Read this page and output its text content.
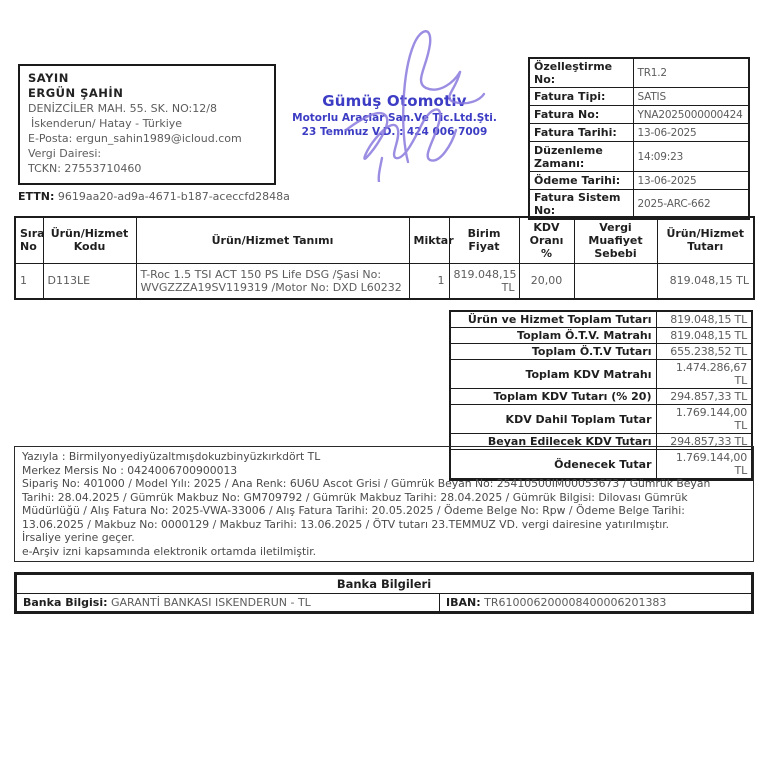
SAYIN
ERGÜN ŞAHİN
DENİZCİLER MAH. 55. SK. NO:12/8
İskenderun/ Hatay - Türkiye
E-Posta: ergun_sahin1989@icloud.com
Vergi Dairesi:
TCKN: 27553710460
ETTN: 9619aa20-ad9a-4671-b187-aceccfd2848a
Gümüş Otomotiv
Motorlu Araçlar San.Ve Tic.Ltd.Şti.
23 Temmuz V.D. : 424 006 7009
Özelleştirme No:	TR1.2
Fatura Tipi:	SATIS
Fatura No:	YNA2025000000424
Fatura Tarihi:	13-06-2025
Düzenleme Zamanı:	14:09:23
Ödeme Tarihi:	13-06-2025
Fatura Sistem No:	2025-ARC-662
Sıra No	Ürün/Hizmet Kodu	Ürün/Hizmet Tanımı	Miktar	Birim Fiyat	KDV Oranı %	Vergi Muafiyet Sebebi	Ürün/Hizmet Tutarı
1	D113LE	T-Roc 1.5 TSI ACT 150 PS Life DSG /Şasi No: WVGZZZA19SV119319 /Motor No: DXD L60232	1	819.048,15 TL	20,00		819.048,15 TL
Ürün ve Hizmet Toplam Tutarı	819.048,15 TL
Toplam Ö.T.V. Matrahı	819.048,15 TL
Toplam Ö.T.V Tutarı	655.238,52 TL
Toplam KDV Matrahı	1.474.286,67 TL
Toplam KDV Tutarı (% 20)	294.857,33 TL
KDV Dahil Toplam Tutar	1.769.144,00 TL
Beyan Edilecek KDV Tutarı	294.857,33 TL
Ödenecek Tutar	1.769.144,00 TL
Yazıyla : Birmilyonyediyüzaltmışdokuzbinyüzkırkdört TL
Merkez Mersis No : 0424006700900013
Sipariş No: 401000 / Model Yılı: 2025 / Ana Renk: 6U6U Ascot Grisi / Gümrük Beyan No: 25410500IM00053673 / Gümrük Beyan Tarihi: 28.04.2025 / Gümrük Makbuz No: GM709792 / Gümrük Makbuz Tarihi: 28.04.2025 / Gümrük Bilgisi: Dilovası Gümrük Müdürlüğü / Alış Fatura No: 2025-VWA-33006 / Alış Fatura Tarihi: 20.05.2025 / Ödeme Belge No: Rpw / Ödeme Belge Tarihi: 13.06.2025 / Makbuz No: 0000129 / Makbuz Tarihi: 13.06.2025 / ÖTV tutarı 23.TEMMUZ VD. vergi dairesine yatırılmıştır.
İrsaliye yerine geçer.
e-Arşiv izni kapsamında elektronik ortamda iletilmiştir.
Banka Bilgileri
Banka Bilgisi: GARANTİ BANKASI ISKENDERUN - TL	IBAN: TR610006200008400006201383
